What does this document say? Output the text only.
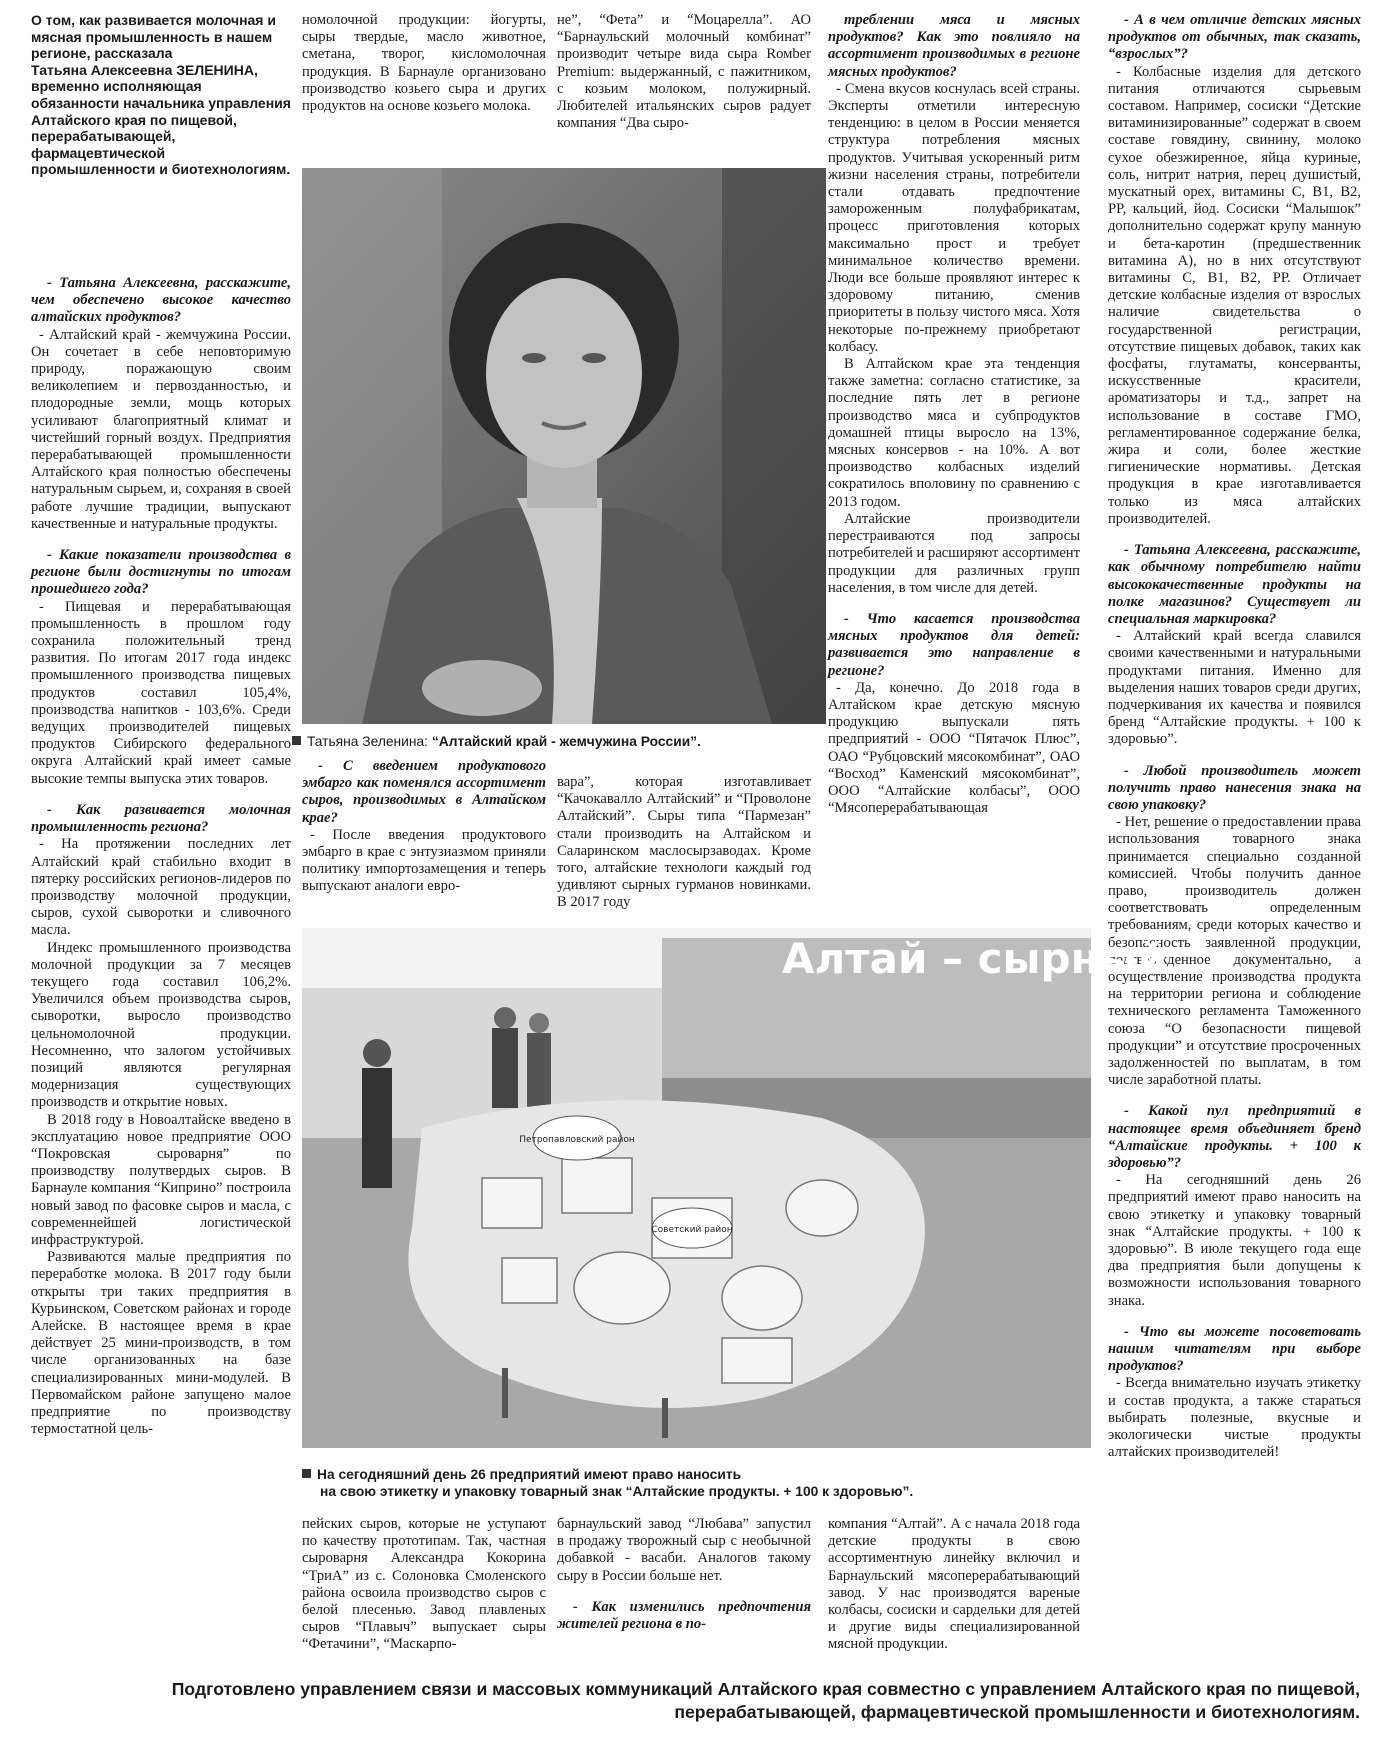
О том, как развивается молочная и мясная промышленность в нашем регионе, рассказала
Татьяна Алексеевна ЗЕЛЕНИНА,
временно исполняющая обязанности начальника управления Алтайского края по пищевой, перерабатывающей, фармацевтической промышленности и биотехнологиям.

- Татьяна Алексеевна, расскажите, чем обеспечено высокое качество алтайских продуктов?

- Алтайский край - жемчужина России. Он сочетает в себе неповторимую природу, поражающую своим великолепием и первозданностью, и плодородные земли, мощь которых усиливают благоприятный климат и чистейший горный воздух. Предприятия перерабатывающей промышленности Алтайского края полностью обеспечены натуральным сырьем, и, сохраняя в своей работе лучшие традиции, выпускают качественные и натуральные продукты.

- Какие показатели производства в регионе были достигнуты по итогам прошедшего года?

- Пищевая и перерабатывающая промышленность в прошлом году сохранила положительный тренд развития. По итогам 2017 года индекс промышленного производства пищевых продуктов составил 105,4%, производства напитков - 103,6%. Среди ведущих производителей пищевых продуктов Сибирского федерального округа Алтайский край имеет самые высокие темпы выпуска этих товаров.

- Как развивается молочная промышленность региона?

- На протяжении последних лет Алтайский край стабильно входит в пятерку российских регионов-лидеров по производству молочной продукции, сыров, сухой сыворотки и сливочного масла.

Индекс промышленного производства молочной продукции за 7 месяцев текущего года составил 106,2%. Увеличился объем производства сыров, сыворотки, выросло производство цельномолочной продукции. Несомненно, что залогом устойчивых позиций являются регулярная модернизация существующих производств и открытие новых.

В 2018 году в Новоалтайске введено в эксплуатацию новое предприятие ООО “Покровская сыроварня” по производству полутвердых сыров. В Барнауле компания “Киприно” построила новый завод по фасовке сыров и масла, с современнейшей логистической инфраструктурой.

Развиваются малые предприятия по переработке молока. В 2017 году были открыты три таких предприятия в Курьинском, Советском районах и городе Алейске. В настоящее время в крае действует 25 мини-производств, в том числе организованных на базе специализированных мини-модулей. В Первомайском районе запущено малое предприятие по производству термостатной цель-

номолочной продукции: йогурты, сыры твердые, масло животное, сметана, творог, кисломолочная продукция. В Барнауле организовано производство козьего сыра и других продуктов на основе козьего молока.

не”, “Фета” и “Моцарелла”. АО “Барнаульский молочный комбинат” производит четыре вида сыра Rомber Premium: выдержанный, с пажитником, с козьим молоком, полужирный. Любителей итальянских сыров радует компания “Два сыро-

треблении мяса и мясных продуктов? Как это повлияло на ассортимент производимых в регионе мясных продуктов?

- Смена вкусов коснулась всей страны. Эксперты отметили интересную тенденцию: в целом в России меняется структура потребления мясных продуктов. Учитывая ускоренный ритм жизни населения страны, потребители стали отдавать предпочтение замороженным полуфабрикатам, процесс приготовления которых максимально прост и требует минимальное количество времени. Люди все больше проявляют интерес к здоровому питанию, сменив приоритеты в пользу чистого мяса. Хотя некоторые по-прежнему приобретают колбасу.

В Алтайском крае эта тенденция также заметна: согласно статистике, за последние пять лет в регионе производство мяса и субпродуктов домашней птицы выросло на 13%, мясных консервов - на 10%. А вот производство колбасных изделий сократилось вполовину по сравнению с 2013 годом.

Алтайские производители перестраиваются под запросы потребителей и расширяют ассортимент продукции для различных групп населения, в том числе для детей.

- Что касается производства мясных продуктов для детей: развивается это направление в регионе?

- Да, конечно. До 2018 года в Алтайском крае детскую мясную продукцию выпускали пять предприятий - ООО “Пятачок Плюс”, ОАО “Рубцовский мясокомбинат”, ОАО “Восход” Каменский мясокомбинат”, ООО “Алтайские колбасы”, ООО “Мясоперерабатывающая

- А в чем отличие детских мясных продуктов от обычных, так сказать, “взрослых”?

- Колбасные изделия для детского питания отличаются сырьевым составом. Например, сосиски “Детские витаминизированные” содержат в своем составе говядину, свинину, молоко сухое обезжиренное, яйца куриные, соль, нитрит натрия, перец душистый, мускатный орех, витамины C, B1, B2, PP, кальций, йод. Сосиски “Малышок” дополнительно содержат крупу манную и бета-каротин (предшественник витамина А), но в них отсутствуют витамины С, В1, В2, РР. Отличает детские колбасные изделия от взрослых наличие свидетельства о государственной регистрации, отсутствие пищевых добавок, таких как фосфаты, глутаматы, консерванты, искусственные красители, ароматизаторы и т.д., запрет на использование в составе ГМО, регламентированное содержание белка, жира и соли, более жесткие гигиенические нормативы. Детская продукция в крае изготавливается только из мяса алтайских производителей.

- Татьяна Алексеевна, расскажите, как обычному потребителю найти высококачественные продукты на полке магазинов? Существует ли специальная маркировка?

- Алтайский край всегда славился своими качественными и натуральными продуктами питания. Именно для выделения наших товаров среди других, подчеркивания их качества и появился бренд “Алтайские продукты. + 100 к здоровью”.

- Любой производитель может получить право нанесения знака на свою упаковку?

- Нет, решение о предоставлении права использования товарного знака принимается специально созданной комиссией. Чтобы получить данное право, производитель должен соответствовать определенным требованиям, среди которых качество и безопасность заявленной продукции, подтвержденное документально, а осуществление производства продукта на территории региона и соблюдение технического регламента Таможенного союза “О безопасности пищевой продукции” и отсутствие просроченных задолженностей по выплатам, в том числе заработной платы.

- Какой пул предприятий в настоящее время объединяет бренд “Алтайские продукты. + 100 к здоровью”?

- На сегодняшний день 26 предприятий имеют право наносить на свою этикетку и упаковку товарный знак “Алтайские продукты. + 100 к здоровью”. В июле текущего года еще два предприятия были допущены к возможности использования товарного знака.

- Что вы можете посоветовать нашим читателям при выборе продуктов?

- Всегда внимательно изучать этикетку и состав продукта, а также стараться выбирать полезные, вкусные и экологически чистые продукты алтайских производителей!

Татьяна Зеленина: “Алтайский край - жемчужина России”.

- С введением продуктового эмбарго как поменялся ассортимент сыров, производимых в Алтайском крае?

- После введения продуктового эмбарго в крае с энтузиазмом приняли политику импортозамещения и теперь выпускают аналоги евро-

вара”, которая изготавливает “Качокавалло Алтайский” и “Проволоне Алтайский”. Сыры типа “Пармезан” стали производить на Алтайском и Саларинском маслосырзаводах. Кроме того, алтайские технологи каждый год удивляют сырных гурманов новинками. В 2017 году

Алтай – сырный
Петропавловский район
Советский район
На сегодняшний день 26 предприятий имеют право наносить
на свою этикетку и упаковку товарный знак “Алтайские продукты. + 100 к здоровью”.

пейских сыров, которые не уступают по качеству прототипам. Так, частная сыроварня Александра Кокорина “ТриА” из с. Солоновка Смоленского района освоила производство сыров с белой плесенью. Завод плавленых сыров “Плавыч” выпускает сыры “Фетачини”, “Маскарпо-

барнаульский завод “Любава” запустил в продажу творожный сыр с необычной добавкой - васаби. Аналогов такому сыру в России больше нет.

- Как изменились предпочтения жителей региона в по-

компания “Алтай”. А с начала 2018 года детские продукты в свою ассортиментную линейку включил и Барнаульский мясоперерабатывающий завод. У нас производятся вареные колбасы, сосиски и сардельки для детей и другие виды специализированной мясной продукции.

Подготовлено управлением связи и массовых коммуникаций Алтайского края совместно с управлением Алтайского края по пищевой,
перерабатывающей, фармацевтической промышленности и биотехнологиям.
